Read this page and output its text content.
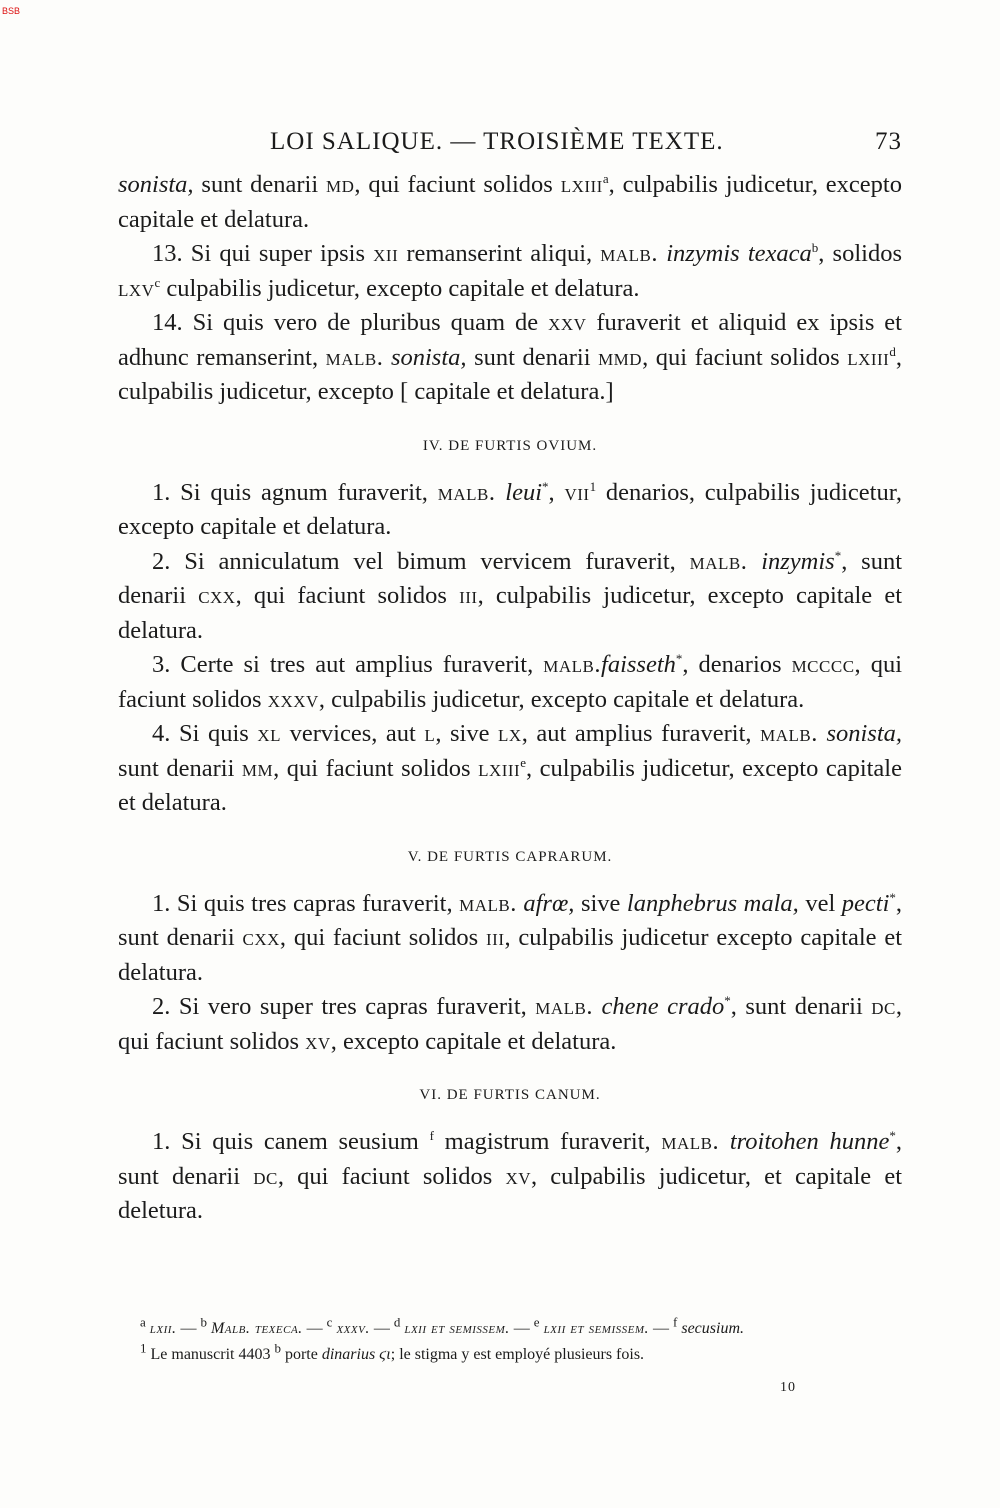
BSB
LOI SALIQUE. — TROISIÈME TEXTE.	73

sonista, sunt denarii md, qui faciunt solidos lxiii$^a$, culpabilis judicetur, excepto capitale et delatura.

13. Si qui super ipsis xii remanserint aliqui, malb. inzymis texaca$^b$, solidos lxv$^c$ culpabilis judicetur, excepto capitale et delatura.

14. Si quis vero de pluribus quam de xxv furaverit et aliquid ex ipsis et adhunc remanserint, malb. sonista, sunt denarii mmd, qui faciunt solidos lxiii$^d$, culpabilis judicetur, excepto [ capitale et delatura.]

IV. DE FURTIS OVIUM.

1. Si quis agnum furaverit, malb. leui*, vii$^1$ denarios, culpabilis judicetur, excepto capitale et delatura.

2. Si anniculatum vel bimum vervicem furaverit, malb. inzymis*, sunt denarii cxx, qui faciunt solidos iii, culpabilis judicetur, excepto capitale et delatura.

3. Certe si tres aut amplius furaverit, malb.faisseth*, denarios mcccc, qui faciunt solidos xxxv, culpabilis judicetur, excepto capitale et delatura.

4. Si quis xl vervices, aut l, sive lx, aut amplius furaverit, malb. sonista, sunt denarii mm, qui faciunt solidos lxiii$^e$, culpabilis judicetur, excepto capitale et delatura.

V. DE FURTIS CAPRARUM.

1. Si quis tres capras furaverit, malb. afrœ, sive lanphebrus mala, vel pecti*, sunt denarii cxx, qui faciunt solidos iii, culpabilis judicetur excepto capitale et delatura.

2. Si vero super tres capras furaverit, malb. chene crado*, sunt denarii dc, qui faciunt solidos xv, excepto capitale et delatura.

VI. DE FURTIS CANUM.

1. Si quis canem seusium $^f$ magistrum furaverit, malb. troitohen hunne*, sunt denarii dc, qui faciunt solidos xv, culpabilis judicetur, et capitale et deletura.

$^a$ lxii. — $^b$ Malb. texeca. — $^c$ xxxv. — $^d$ lxii et semissem. — $^e$ lxii et semissem. — $^f$ secusium.

$^1$ Le manuscrit 4403 $^b$ porte dinarius ϛι; le stigma y est employé plusieurs fois.

10
